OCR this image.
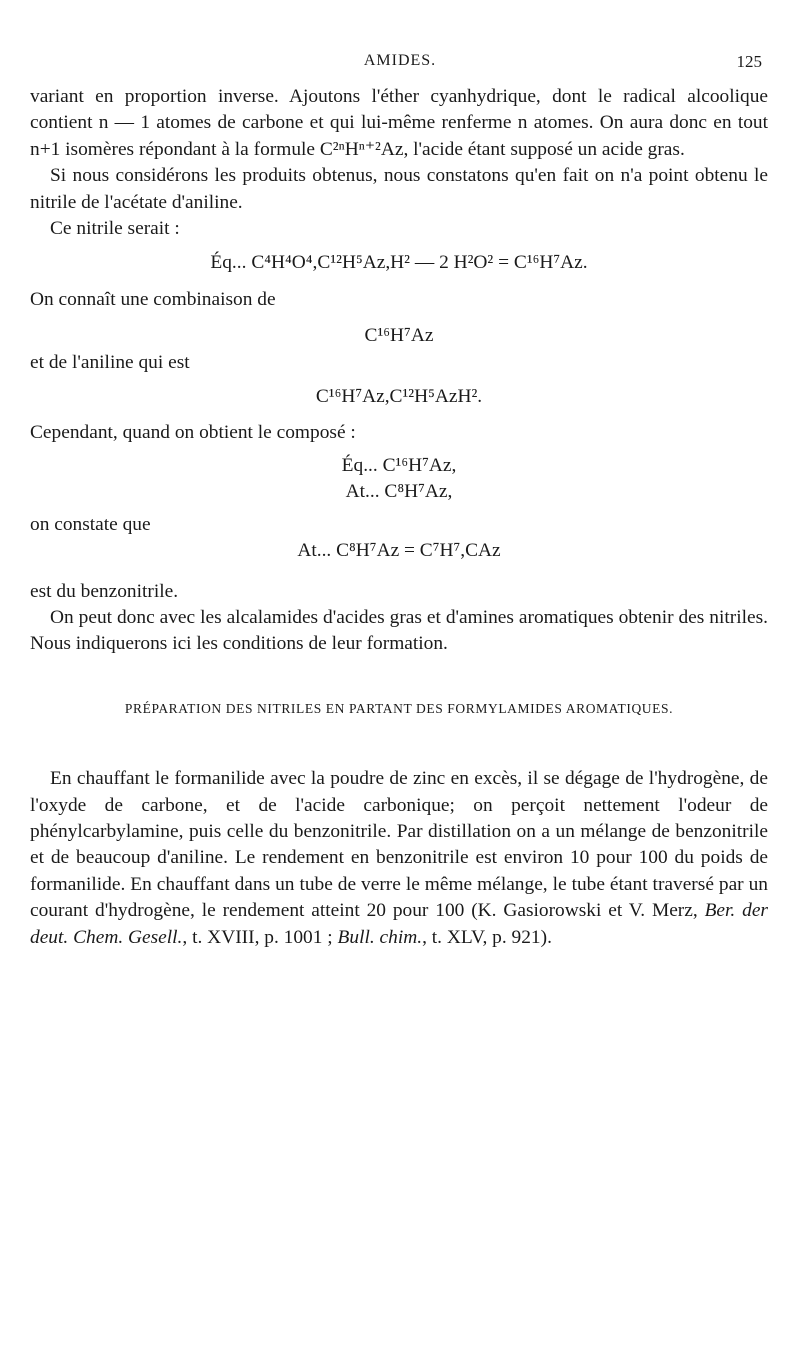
AMIDES.	125

variant en proportion inverse. Ajoutons l'éther cyanhydrique, dont le radical alcoolique contient n — 1 atomes de carbone et qui lui-même renferme n atomes. On aura donc en tout n+1 isomères répondant à la formule C²ⁿHⁿ⁺²Az, l'acide étant supposé un acide gras.

Si nous considérons les produits obtenus, nous constatons qu'en fait on n'a point obtenu le nitrile de l'acétate d'aniline.

Ce nitrile serait :

Éq... C⁴H⁴O⁴,C¹²H⁵Az,H² — 2 H²O² = C¹⁶H⁷Az.

On connaît une combinaison de

C¹⁶H⁷Az

et de l'aniline qui est

C¹⁶H⁷Az,C¹²H⁵AzH².

Cependant, quand on obtient le composé :

Éq... C¹⁶H⁷Az,
At... C⁸H⁷Az,

on constate que

At... C⁸H⁷Az = C⁷H⁷,CAz

est du benzonitrile.

On peut donc avec les alcalamides d'acides gras et d'amines aromatiques obtenir des nitriles. Nous indiquerons ici les conditions de leur formation.

PRÉPARATION DES NITRILES EN PARTANT DES FORMYLAMIDES AROMATIQUES.

En chauffant le formanilide avec la poudre de zinc en excès, il se dégage de l'hydrogène, de l'oxyde de carbone, et de l'acide carbonique; on perçoit nettement l'odeur de phénylcarbylamine, puis celle du benzonitrile. Par distillation on a un mélange de benzonitrile et de beaucoup d'aniline. Le rendement en benzonitrile est environ 10 pour 100 du poids de formanilide. En chauffant dans un tube de verre le même mélange, le tube étant traversé par un courant d'hydrogène, le rendement atteint 20 pour 100 (K. Gasiorowski et V. Merz, Ber. der deut. Chem. Gesell., t. XVIII, p. 1001 ; Bull. chim., t. XLV, p. 921).
